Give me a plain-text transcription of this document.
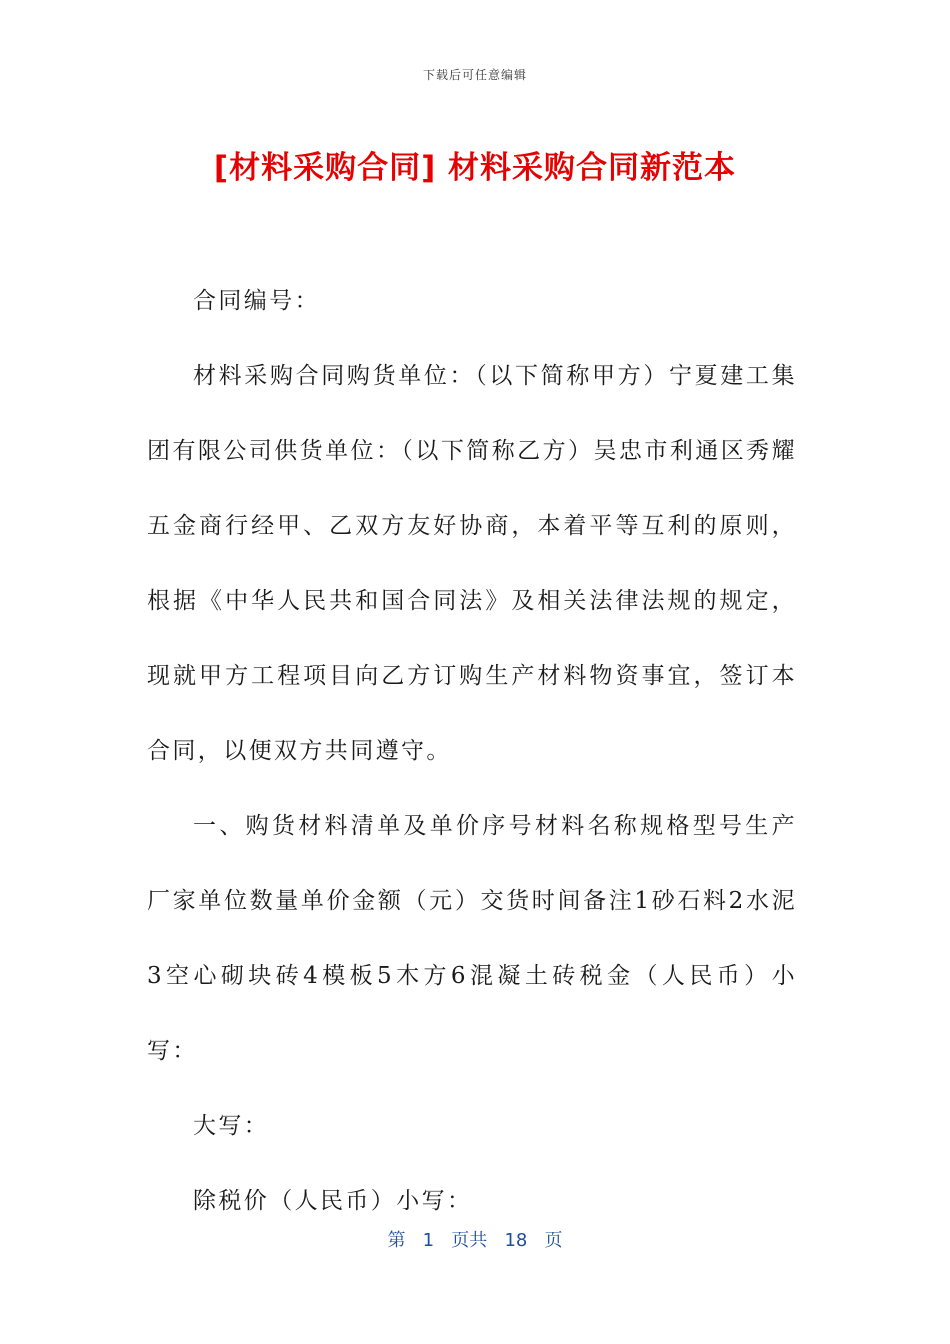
下载后可任意编辑
[材料采购合同] 材料采购合同新范本

合同编号：

材料采购合同购货单位：（以下简称甲方）宁夏建工集团有限公司供货单位：（以下简称乙方）吴忠市利通区秀耀五金商行经甲、乙双方友好协商，本着平等互利的原则，根据《中华人民共和国合同法》及相关法律法规的规定，现就甲方工程项目向乙方订购生产材料物资事宜，签订本合同，以便双方共同遵守。

一、购货材料清单及单价序号材料名称规格型号生产厂家单位数量单价金额（元）交货时间备注1砂石料2水泥3空心砌块砖4模板5木方6混凝土砖税金（人民币）小写：

大写：

除税价（人民币）小写：

第 1 页共 18 页
